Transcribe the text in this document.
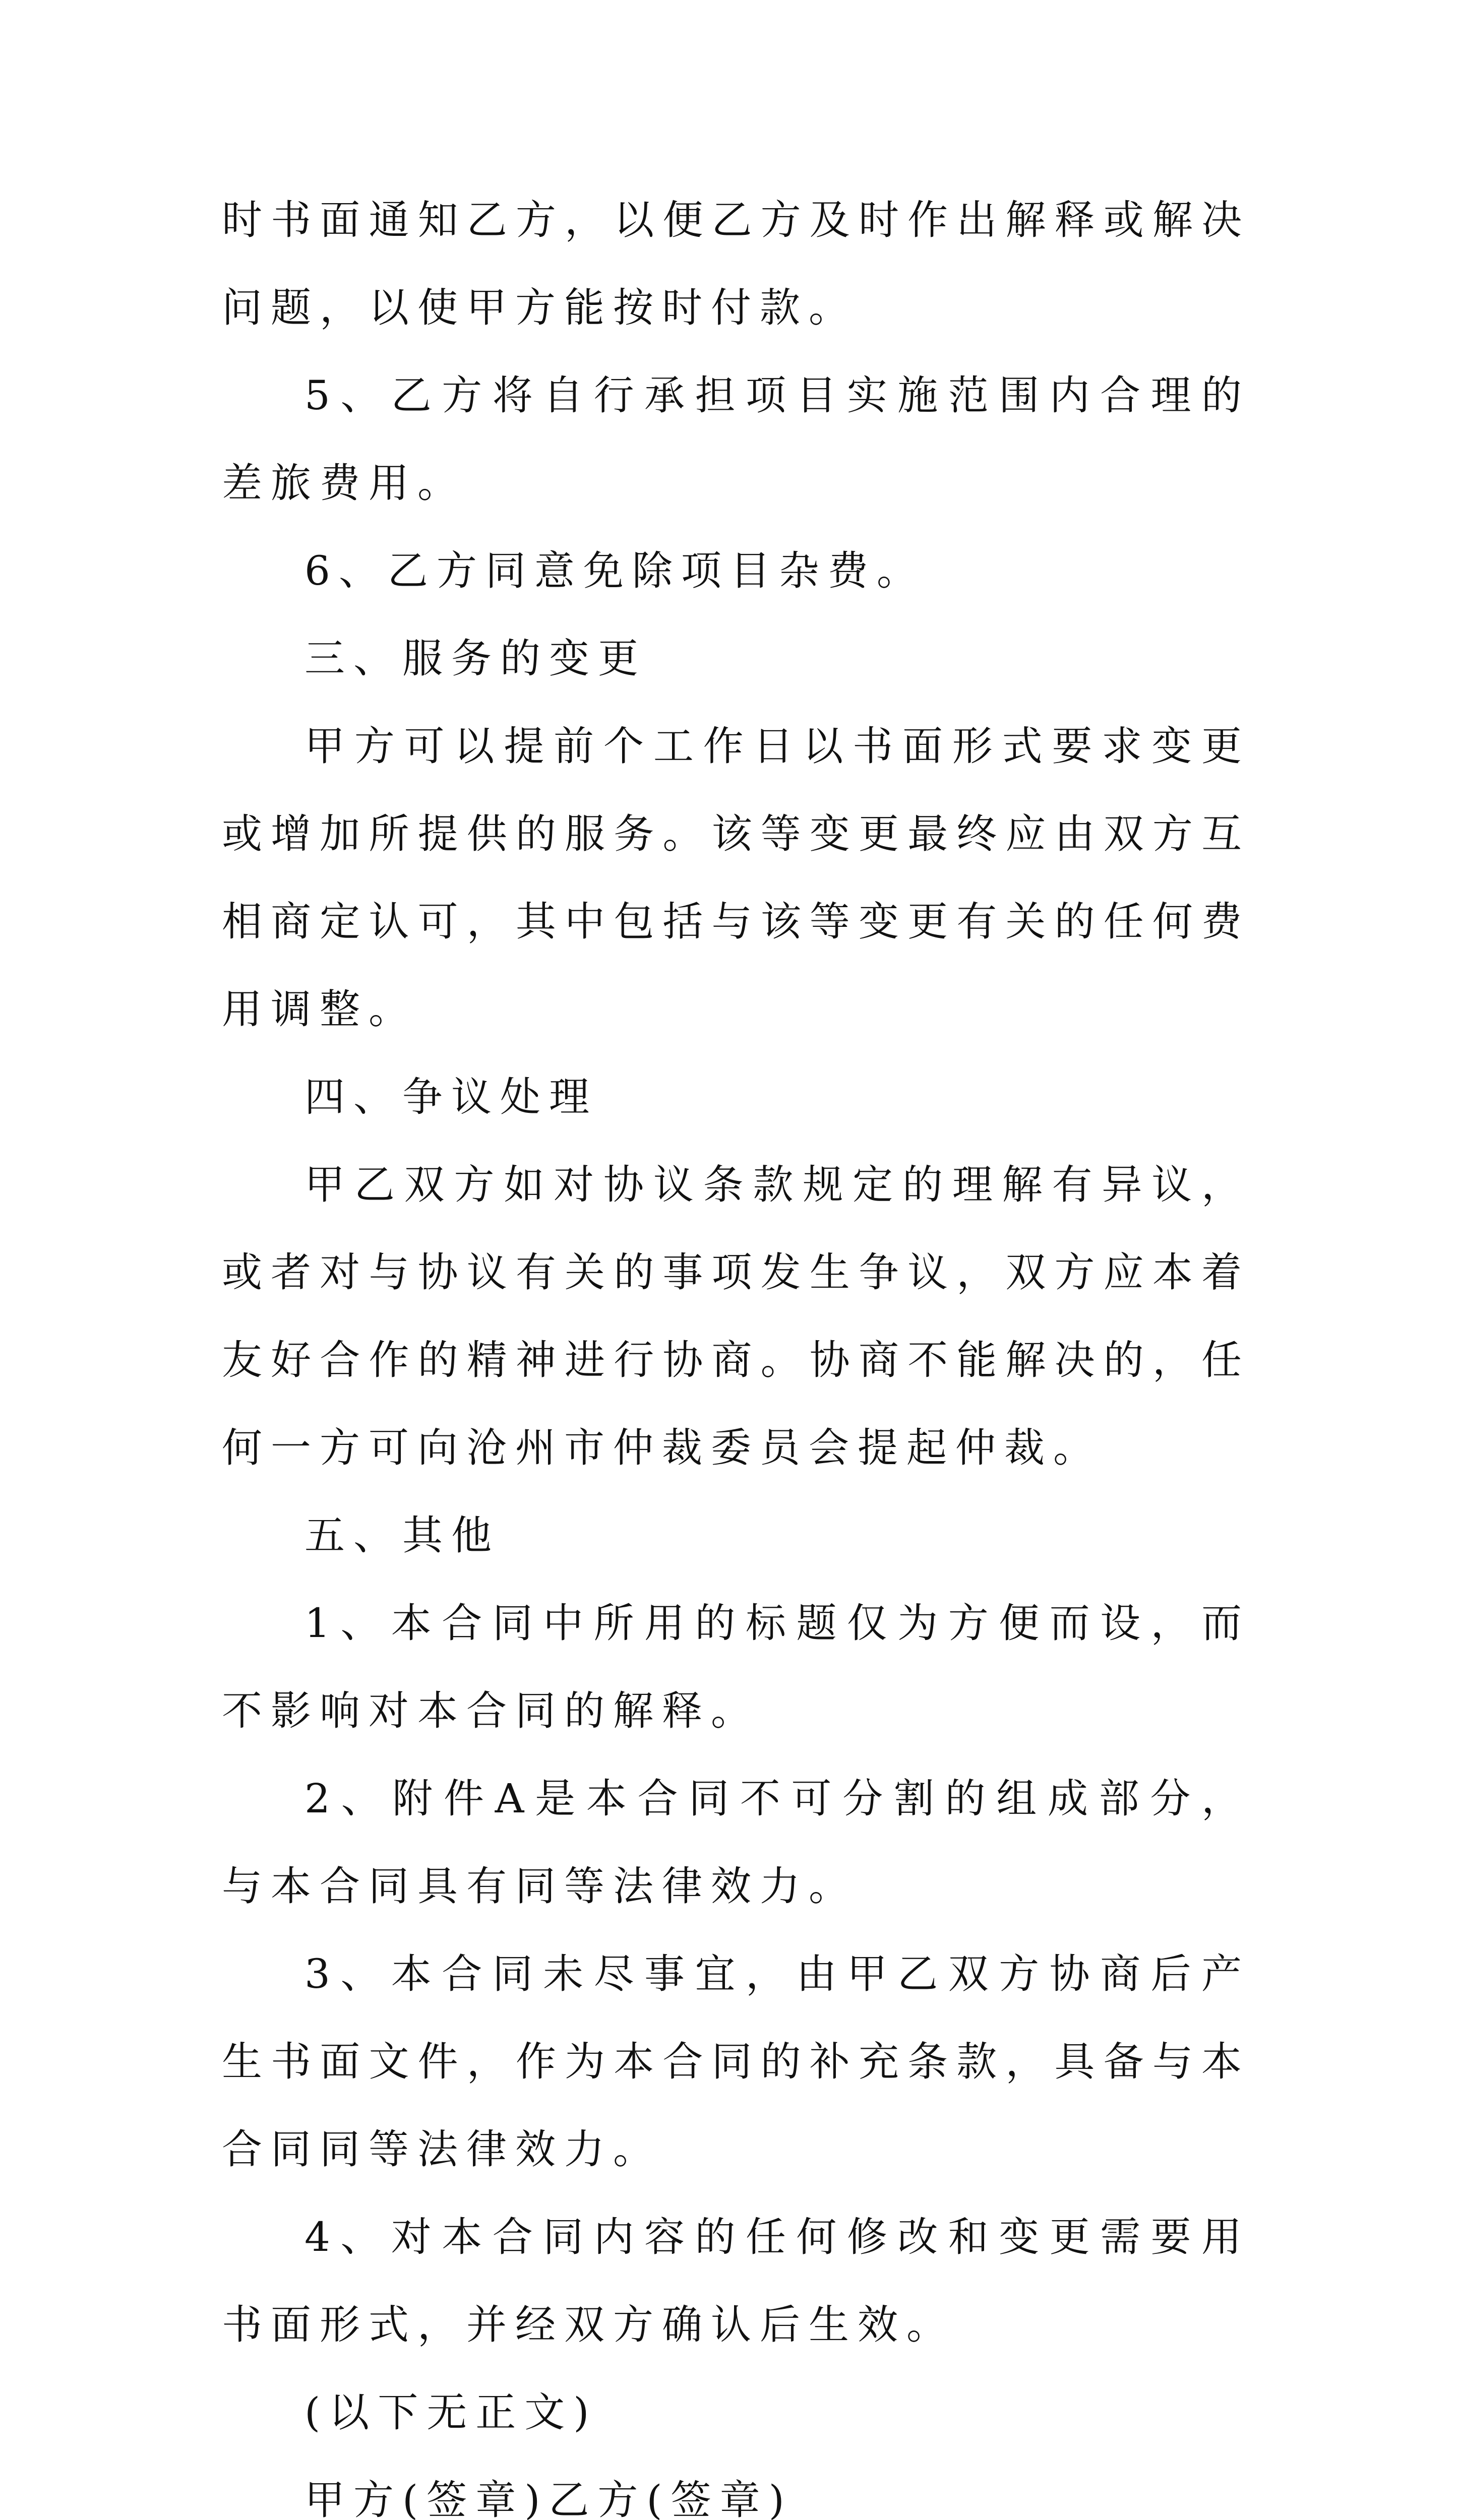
时书面通知乙方，以便乙方及时作出解释或解决问题，以使甲方能按时付款。

5、乙方将自行承担项目实施范围内合理的差旅费用。

6、乙方同意免除项目杂费。

三、服务的变更

甲方可以提前个工作日以书面形式要求变更或增加所提供的服务。该等变更最终应由双方互相商定认可，其中包括与该等变更有关的任何费用调整。

四、争议处理

甲乙双方如对协议条款规定的理解有异议，或者对与协议有关的事项发生争议，双方应本着友好合作的精神进行协商。协商不能解决的，任何一方可向沧州市仲裁委员会提起仲裁。

五、其他

1、本合同中所用的标题仅为方便而设，而不影响对本合同的解释。

2、附件A是本合同不可分割的组成部分，与本合同具有同等法律效力。

3、本合同未尽事宜，由甲乙双方协商后产生书面文件，作为本合同的补充条款，具备与本合同同等法律效力。

4、对本合同内容的任何修改和变更需要用书面形式，并经双方确认后生效。

(以下无正文)

甲方(签章)乙方(签章)
